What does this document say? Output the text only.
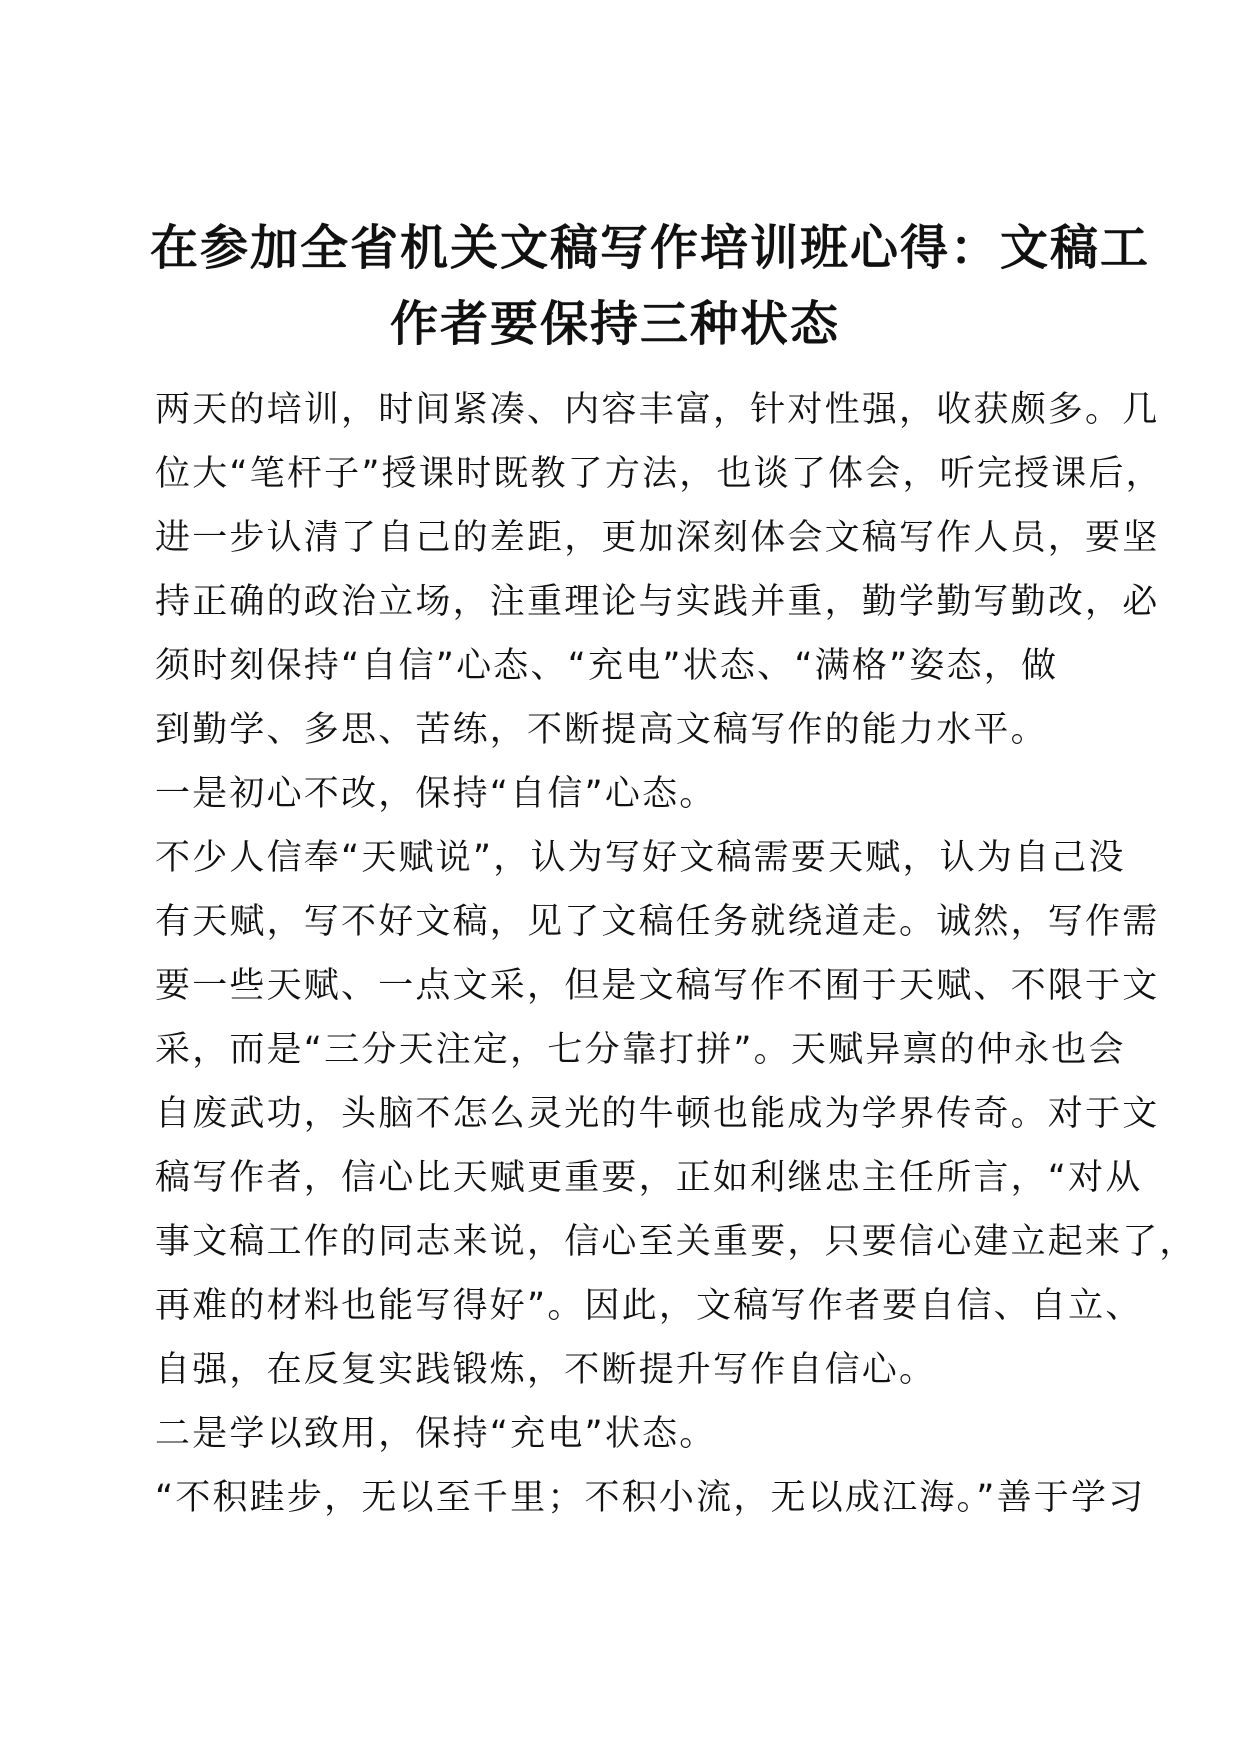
在参加全省机关文稿写作培训班心得：文稿工
作者要保持三种状态
两天的培训，时间紧凑、内容丰富，针对性强，收获颇多。几
位大“笔杆子”授课时既教了方法，也谈了体会，听完授课后，
进一步认清了自己的差距，更加深刻体会文稿写作人员，要坚
持正确的政治立场，注重理论与实践并重，勤学勤写勤改，必
须时刻保持“自信”心态、“充电”状态、“满格”姿态，做
到勤学、多思、苦练，不断提高文稿写作的能力水平。
一是初心不改，保持“自信”心态。
不少人信奉“天赋说”，认为写好文稿需要天赋，认为自己没
有天赋，写不好文稿，见了文稿任务就绕道走。诚然，写作需
要一些天赋、一点文采，但是文稿写作不囿于天赋、不限于文
采，而是“三分天注定，七分靠打拼”。天赋异禀的仲永也会
自废武功，头脑不怎么灵光的牛顿也能成为学界传奇。对于文
稿写作者，信心比天赋更重要，正如利继忠主任所言，“对从
事文稿工作的同志来说，信心至关重要，只要信心建立起来了，
再难的材料也能写得好”。因此，文稿写作者要自信、自立、
自强，在反复实践锻炼，不断提升写作自信心。
二是学以致用，保持“充电”状态。
“不积跬步，无以至千里；不积小流，无以成江海。”善于学习
